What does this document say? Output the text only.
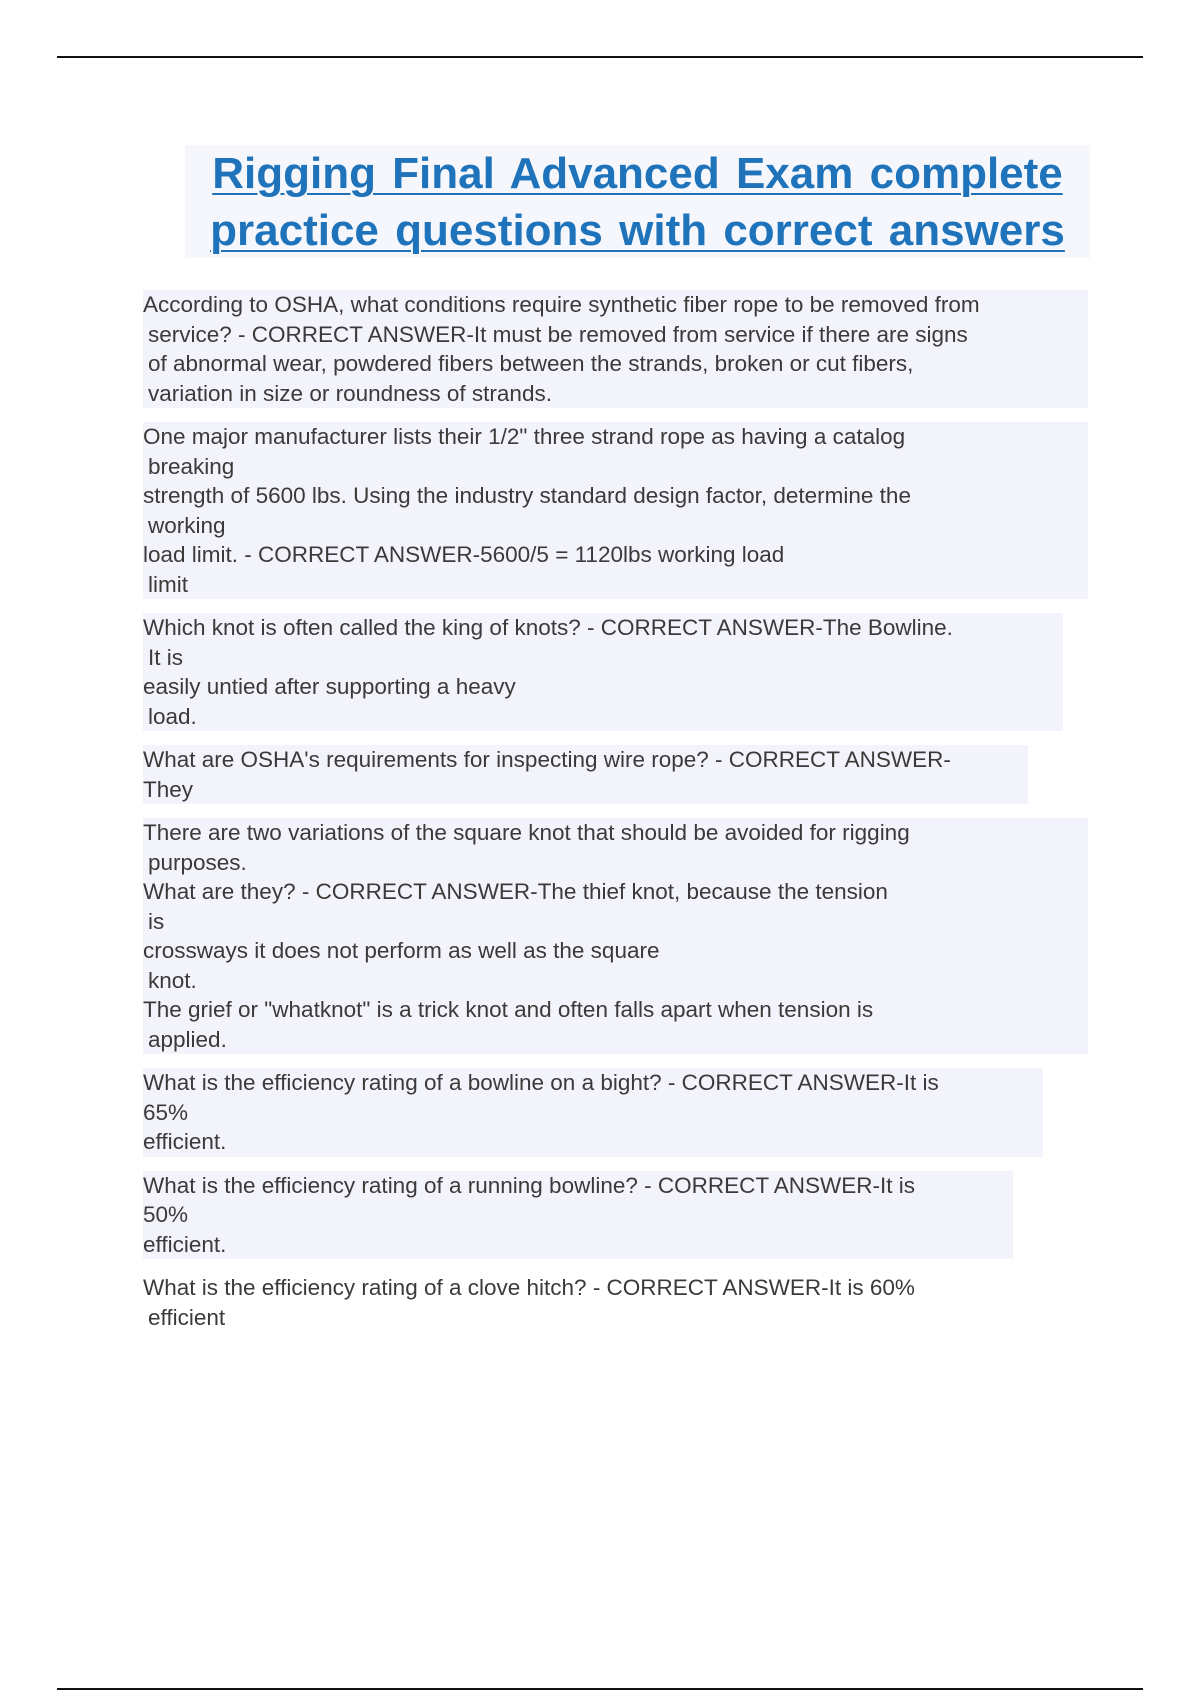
Rigging Final Advanced Exam complete practice questions with correct answers
According to OSHA, what conditions require synthetic fiber rope to be removed from
service? - CORRECT ANSWER-It must be removed from service if there are signs
of abnormal wear, powdered fibers between the strands, broken or cut fibers,
variation in size or roundness of strands.
One major manufacturer lists their 1/2" three strand rope as having a catalog
breaking
strength of 5600 lbs. Using the industry standard design factor, determine the
working
load limit. - CORRECT ANSWER-5600/5 = 1120lbs working load
limit
Which knot is often called the king of knots? - CORRECT ANSWER-The Bowline.
It is
easily untied after supporting a heavy
load.
What are OSHA's requirements for inspecting wire rope? - CORRECT ANSWER-
They
There are two variations of the square knot that should be avoided for rigging
purposes.
What are they? - CORRECT ANSWER-The thief knot, because the tension
is
crossways it does not perform as well as the square
knot.
The grief or "whatknot" is a trick knot and often falls apart when tension is
applied.
What is the efficiency rating of a bowline on a bight? - CORRECT ANSWER-It is
65%
efficient.
What is the efficiency rating of a running bowline? - CORRECT ANSWER-It is
50%
efficient.
What is the efficiency rating of a clove hitch? - CORRECT ANSWER-It is 60%
efficient
